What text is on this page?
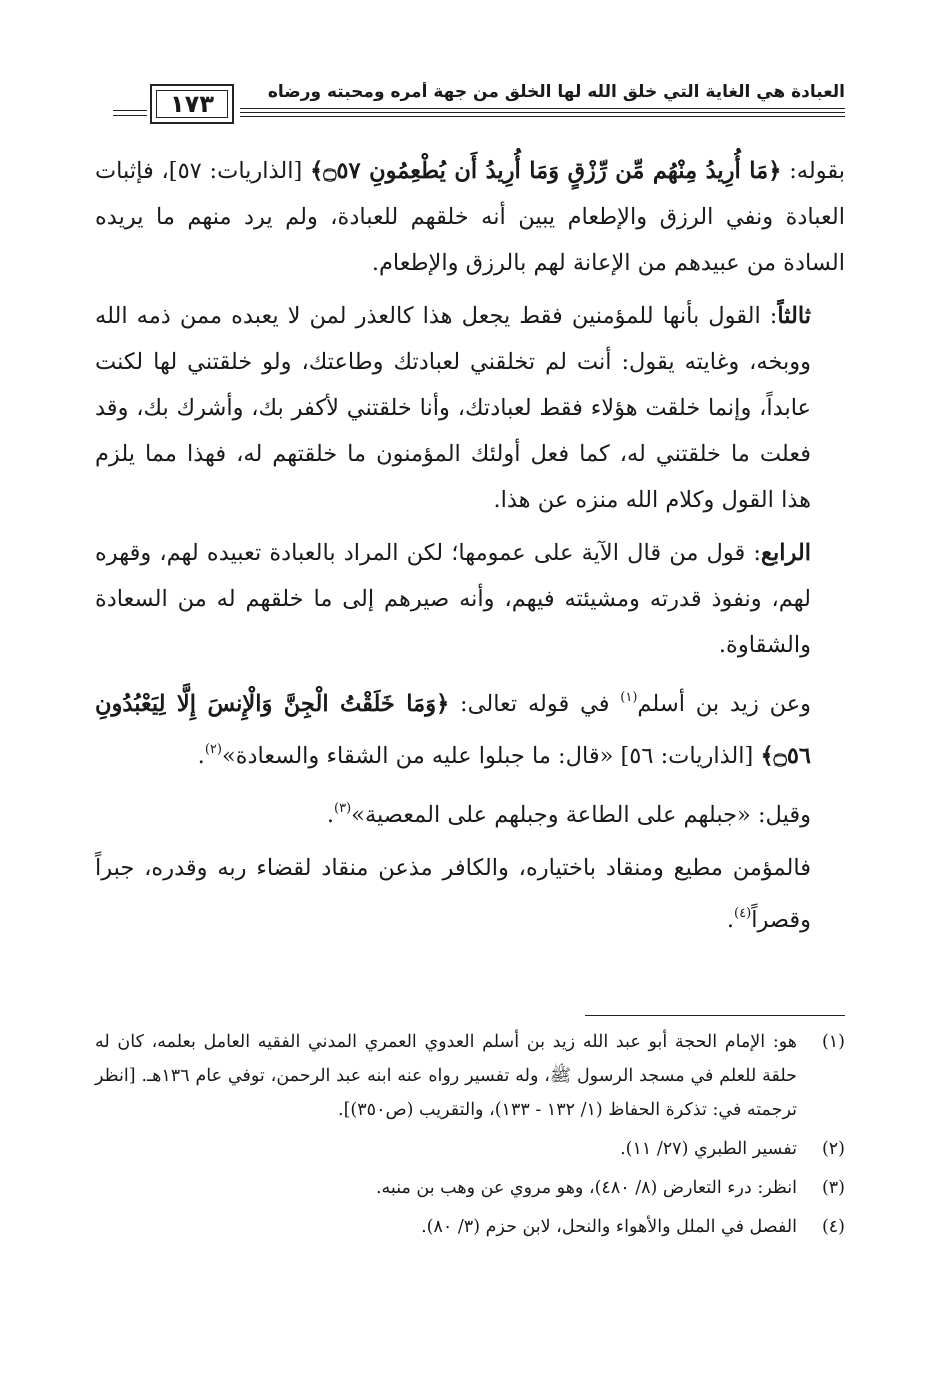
العبادة هي الغاية التي خلق الله لها الخلق من جهة أمره ومحبته ورضاه
١٧٣

بقوله: ﴿مَا أُرِيدُ مِنْهُم مِّن رِّزْقٍ وَمَا أُرِيدُ أَن يُطْعِمُونِ ۝٥٧﴾ [الذاريات: ٥٧]، فإثبات العبادة ونفي الرزق والإطعام يبين أنه خلقهم للعبادة، ولم يرد منهم ما يريده السادة من عبيدهم من الإعانة لهم بالرزق والإطعام.

ثالثاً: القول بأنها للمؤمنين فقط يجعل هذا كالعذر لمن لا يعبده ممن ذمه الله ووبخه، وغايته يقول: أنت لم تخلقني لعبادتك وطاعتك، ولو خلقتني لها لكنت عابداً، وإنما خلقت هؤلاء فقط لعبادتك، وأنا خلقتني لأكفر بك، وأشرك بك، وقد فعلت ما خلقتني له، كما فعل أولئك المؤمنون ما خلقتهم له، فهذا مما يلزم هذا القول وكلام الله منزه عن هذا.

الرابع: قول من قال الآية على عمومها؛ لكن المراد بالعبادة تعبيده لهم، وقهره لهم، ونفوذ قدرته ومشيئته فيهم، وأنه صيرهم إلى ما خلقهم له من السعادة والشقاوة.

وعن زيد بن أسلم$^{(١)}$ في قوله تعالى: ﴿وَمَا خَلَقْتُ الْجِنَّ وَالْإِنسَ إِلَّا لِيَعْبُدُونِ ۝٥٦﴾ [الذاريات: ٥٦] «قال: ما جبلوا عليه من الشقاء والسعادة»$^{(٢)}$.

وقيل: «جبلهم على الطاعة وجبلهم على المعصية»$^{(٣)}$.

فالمؤمن مطيع ومنقاد باختياره، والكافر مذعن منقاد لقضاء ربه وقدره، جبراً وقصراً$^{(٤)}$.

(١)
هو: الإمام الحجة أبو عبد الله زيد بن أسلم العدوي العمري المدني الفقيه العامل بعلمه، كان له حلقة للعلم في مسجد الرسول ﷺ، وله تفسير رواه عنه ابنه عبد الرحمن، توفي عام ١٣٦هـ. [انظر ترجمته في: تذكرة الحفاظ (١/ ١٣٢ - ١٣٣)، والتقريب (ص٣٥٠)].
(٢)
تفسير الطبري (٢٧/ ١١).
(٣)
انظر: درء التعارض (٨/ ٤٨٠)، وهو مروي عن وهب بن منبه.
(٤)
الفصل في الملل والأهواء والنحل، لابن حزم (٣/ ٨٠).
